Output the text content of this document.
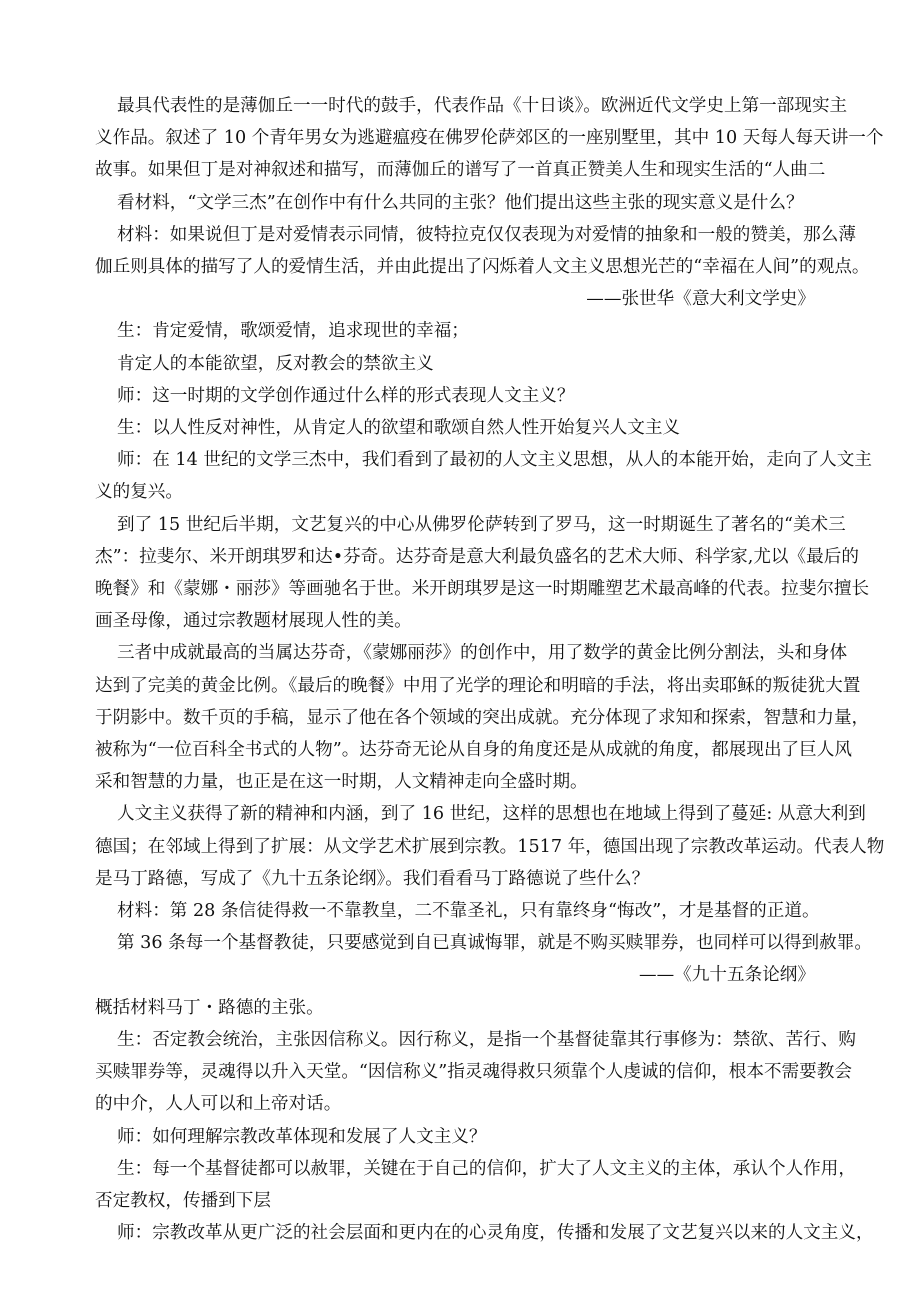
最具代表性的是薄伽丘一一时代的鼓手，代表作品《十日谈》。欧洲近代文学史上第一部现实主
义作品。叙述了 10 个青年男女为逃避瘟疫在佛罗伦萨郊区的一座别墅里，其中 10 天每人每天讲一个
故事。如果但丁是对神叙述和描写，而薄伽丘的谱写了一首真正赞美人生和现实生活的“人曲二

看材料，“文学三杰”在创作中有什么共同的主张？他们提出这些主张的现实意义是什么？

材料：如果说但丁是对爱情表示同情，彼特拉克仅仅表现为对爱情的抽象和一般的赞美，那么薄
伽丘则具体的描写了人的爱情生活，并由此提出了闪烁着人文主义思想光芒的“幸福在人间”的观点。

——张世华《意大利文学史》

生：肯定爱情，歌颂爱情，追求现世的幸福；

肯定人的本能欲望，反对教会的禁欲主义

师：这一时期的文学创作通过什么样的形式表现人文主义？

生：以人性反对神性，从肯定人的欲望和歌颂自然人性开始复兴人文主义

师：在 14 世纪的文学三杰中，我们看到了最初的人文主义思想，从人的本能开始，走向了人文主
义的复兴。

到了 15 世纪后半期，文艺复兴的中心从佛罗伦萨转到了罗马，这一时期诞生了著名的“美术三
杰”：拉斐尔、米开朗琪罗和达•芬奇。达芬奇是意大利最负盛名的艺术大师、科学家,尤以《最后的
晚餐》和《蒙娜・丽莎》等画驰名于世。米开朗琪罗是这一时期雕塑艺术最高峰的代表。拉斐尔擅长
画圣母像，通过宗教题材展现人性的美。

三者中成就最高的当属达芬奇，《蒙娜丽莎》的创作中，用了数学的黄金比例分割法，头和身体
达到了完美的黄金比例。《最后的晚餐》中用了光学的理论和明暗的手法，将出卖耶稣的叛徒犹大置
于阴影中。数千页的手稿，显示了他在各个领域的突出成就。充分体现了求知和探索，智慧和力量，
被称为“一位百科全书式的人物”。达芬奇无论从自身的角度还是从成就的角度，都展现出了巨人风
采和智慧的力量，也正是在这一时期，人文精神走向全盛时期。

人文主义获得了新的精神和内涵，到了 16 世纪，这样的思想也在地域上得到了蔓延: 从意大利到
德国；在邻域上得到了扩展：从文学艺术扩展到宗教。1517 年，德国出现了宗教改革运动。代表人物
是马丁路德，写成了《九十五条论纲》。我们看看马丁路德说了些什么？

材料：第 28 条信徒得救一不靠教皇，二不靠圣礼，只有靠终身“悔改”，才是基督的正道。

第 36 条每一个基督教徒，只要感觉到自已真诚悔罪，就是不购买赎罪券，也同样可以得到赦罪。

——《九十五条论纲》

概括材料马丁・路德的主张。

生：否定教会统治，主张因信称义。因行称义，是指一个基督徒靠其行事修为：禁欲、苦行、购
买赎罪券等，灵魂得以升入天堂。“因信称义”指灵魂得救只须靠个人虔诚的信仰，根本不需要教会
的中介，人人可以和上帝对话。

师：如何理解宗教改革体现和发展了人文主义？

生：每一个基督徒都可以赦罪，关键在于自己的信仰，扩大了人文主义的主体，承认个人作用，
否定教权，传播到下层

师：宗教改革从更广泛的社会层面和更内在的心灵角度，传播和发展了文艺复兴以来的人文主义，
